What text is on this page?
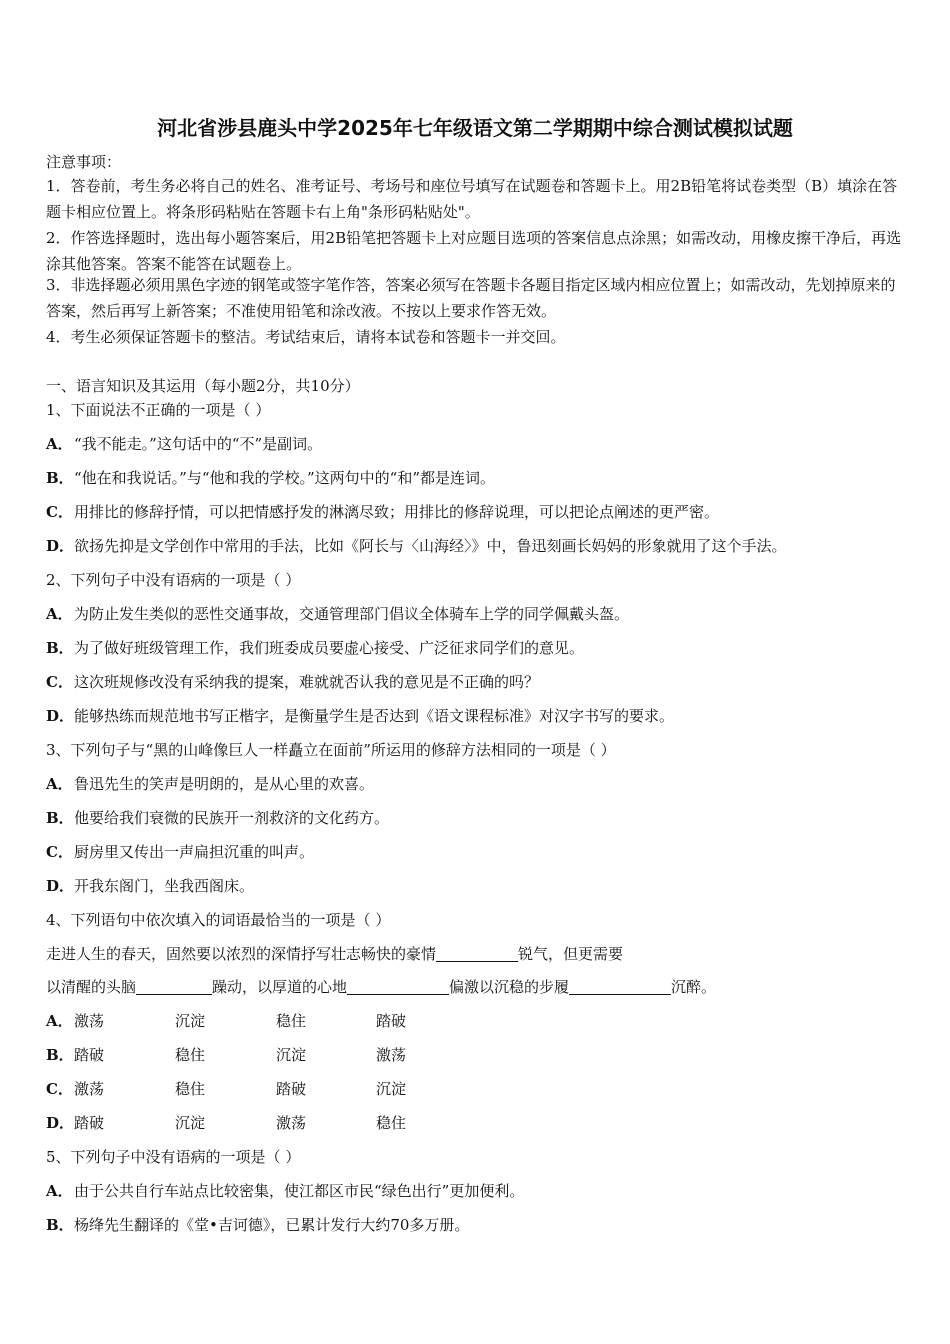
河北省涉县鹿头中学2025年七年级语文第二学期期中综合测试模拟试题
注意事项：
1．答卷前，考生务必将自己的姓名、准考证号、考场号和座位号填写在试题卷和答题卡上。用2B铅笔将试卷类型（B）填涂在答题卡相应位置上。将条形码粘贴在答题卡右上角"条形码粘贴处"。
2．作答选择题时，选出每小题答案后，用2B铅笔把答题卡上对应题目选项的答案信息点涂黑；如需改动，用橡皮擦干净后，再选涂其他答案。答案不能答在试题卷上。
3．非选择题必须用黑色字迹的钢笔或签字笔作答，答案必须写在答题卡各题目指定区域内相应位置上；如需改动，先划掉原来的答案，然后再写上新答案；不准使用铅笔和涂改液。不按以上要求作答无效。
4．考生必须保证答题卡的整洁。考试结束后，请将本试卷和答题卡一并交回。
一、语言知识及其运用（每小题2分，共10分）
1、下面说法不正确的一项是（ ）
A．“我不能走。”这句话中的“不”是副词。
B．“他在和我说话。”与“他和我的学校。”这两句中的“和”都是连词。
C．用排比的修辞抒情，可以把情感抒发的淋漓尽致；用排比的修辞说理，可以把论点阐述的更严密。
D．欲扬先抑是文学创作中常用的手法，比如《阿长与〈山海经〉》中，鲁迅刻画长妈妈的形象就用了这个手法。
2、下列句子中没有语病的一项是（ ）
A．为防止发生类似的恶性交通事故，交通管理部门倡议全体骑车上学的同学佩戴头盔。
B．为了做好班级管理工作，我们班委成员要虚心接受、广泛征求同学们的意见。
C．这次班规修改没有采纳我的提案，难就就否认我的意见是不正确的吗？
D．能够热练而规范地书写正楷字，是衡量学生是否达到《语文课程标准》对汉字书写的要求。
3、下列句子与“黑的山峰像巨人一样矗立在面前”所运用的修辞方法相同的一项是（ ）
A．鲁迅先生的笑声是明朗的，是从心里的欢喜。
B．他要给我们衰微的民族开一剂救济的文化药方。
C．厨房里又传出一声扁担沉重的叫声。
D．开我东阁门，坐我西阁床。
4、下列语句中依次填入的词语最恰当的一项是（ ）
走进人生的春天，固然要以浓烈的深情抒写壮志畅快的豪情	锐气，但更需要
以清醒的头脑	躁动，以厚道的心地	偏激以沉稳的步履	沉醉。
A．激荡	沉淀	稳住	踏破
B．踏破	稳住	沉淀	激荡
C．激荡	稳住	踏破	沉淀
D．踏破	沉淀	激荡	稳住
5、下列句子中没有语病的一项是（ ）
A．由于公共自行车站点比较密集，使江都区市民“绿色出行”更加便利。
B．杨绛先生翻译的《堂•吉诃德》，已累计发行大约70多万册。
